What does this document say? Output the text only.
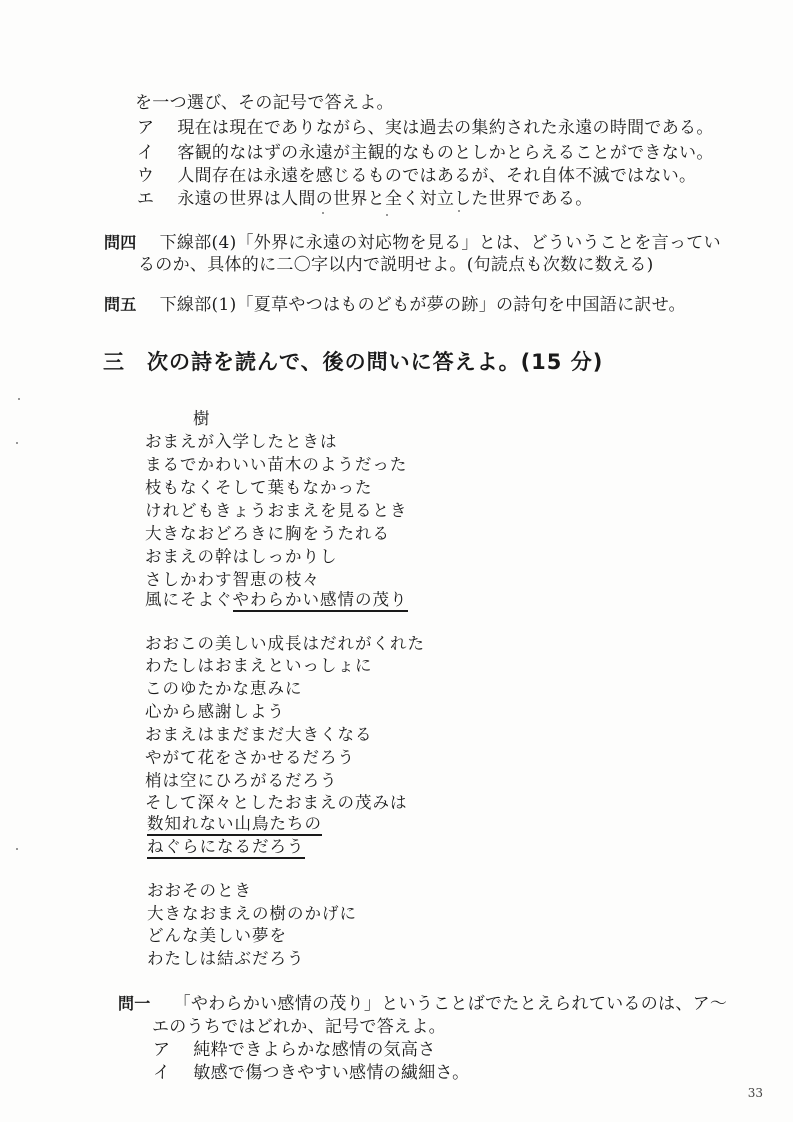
を一つ選び、その記号で答えよ。
ア　 現在は現在でありながら、実は過去の集約された永遠の時間である。
イ　 客観的なはずの永遠が主観的なものとしかとらえることができない。
ウ　 人間存在は永遠を感じるものではあるが、それ自体不滅ではない。
エ　 永遠の世界は人間の世界と全く対立した世界である。
問四　 下線部(4)「外界に永遠の対応物を見る」とは、どういうことを言ってい
るのか、具体的に二〇字以内で説明せよ。(句読点も次数に数える)
問五　 下線部(1)「夏草やつはものどもが夢の跡」の詩句を中国語に訳せ。
三　次の詩を読んで、後の問いに答えよ。(15 分)
樹
おまえが入学したときは
まるでかわいい苗木のようだった
枝もなくそして葉もなかった
けれどもきょうおまえを見るとき
大きなおどろきに胸をうたれる
おまえの幹はしっかりし
さしかわす智恵の枝々
風にそよぐやわらかい感情の茂り
おおこの美しい成長はだれがくれた
わたしはおまえといっしょに
このゆたかな恵みに
心から感謝しよう
おまえはまだまだ大きくなる
やがて花をさかせるだろう
梢は空にひろがるだろう
そして深々としたおまえの茂みは
数知れない山鳥たちの
ねぐらになるだろう
おおそのとき
大きなおまえの樹のかげに
どんな美しい夢を
わたしは結ぶだろう
問一　 「やわらかい感情の茂り」ということばでたとえられているのは、ア～
エのうちではどれか、記号で答えよ。
ア　 純粋できよらかな感情の気高さ
イ　 敏感で傷つきやすい感情の繊細さ。
33
